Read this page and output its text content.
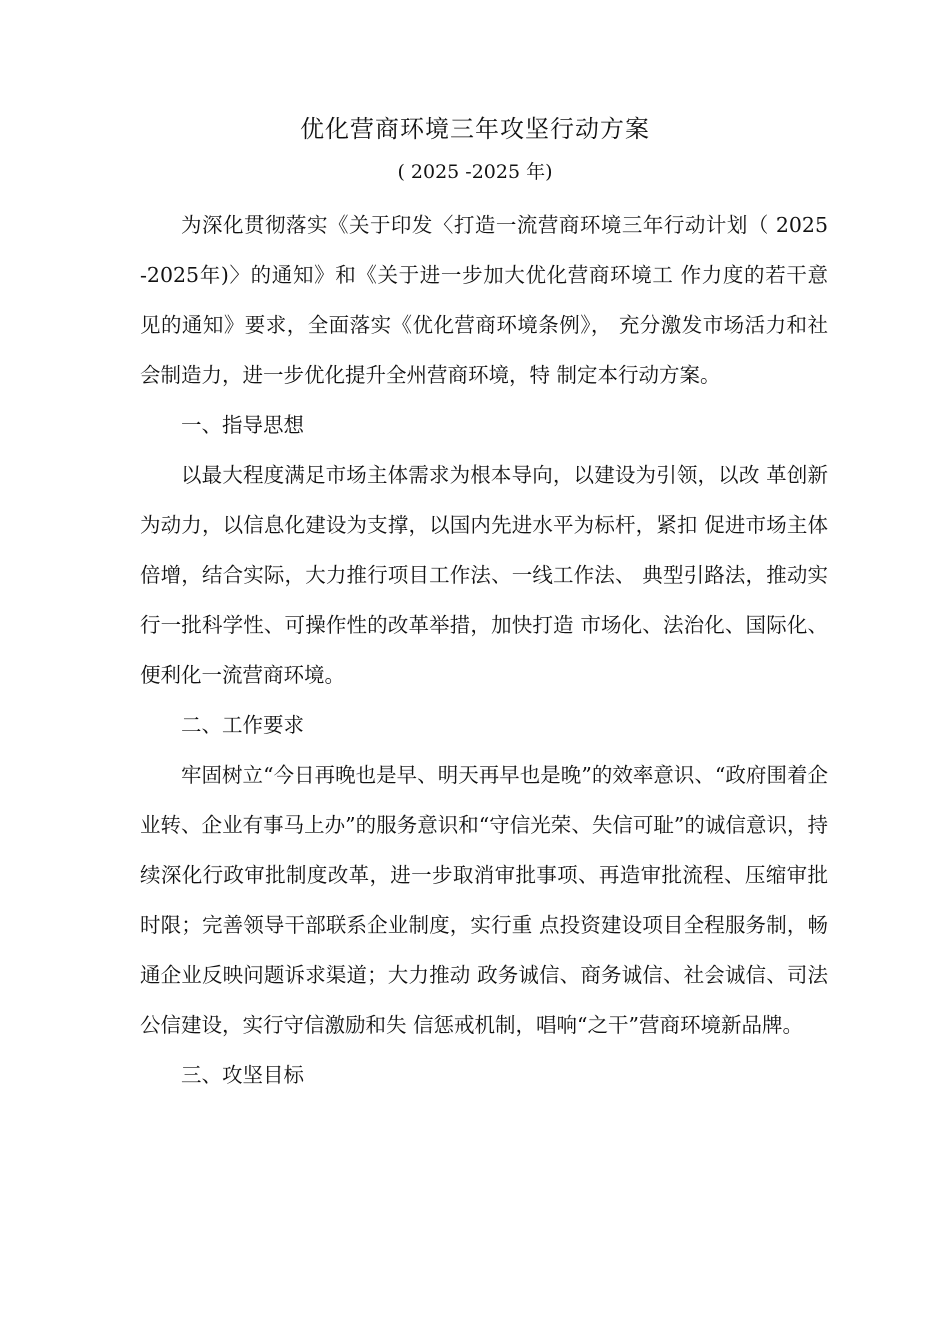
优化营商环境三年攻坚行动方案
( 2025 -2025 年)

为深化贯彻落实《关于印发〈打造一流营商环境三年行动计划（ 2025 -2025年)〉的通知》和《关于进一步加大优化营商环境工 作力度的若干意见的通知》要求，全面落实《优化营商环境条例》， 充分激发市场活力和社会制造力，进一步优化提升全州营商环境，特 制定本行动方案。

一、指导思想

以最大程度满足市场主体需求为根本导向，以建设为引领，以改 革创新为动力，以信息化建设为支撑，以国内先进水平为标杆，紧扣 促进市场主体倍增，结合实际，大力推行项目工作法、一线工作法、 典型引路法，推动实行一批科学性、可操作性的改革举措，加快打造 市场化、法治化、国际化、便利化一流营商环境。

二、工作要求

牢固树立“今日再晚也是早、明天再早也是晚”的效率意识、“政府围着企业转、企业有事马上办”的服务意识和“守信光荣、失信可耻”的诚信意识，持续深化行政审批制度改革，进一步取消审批事项、再造审批流程、压缩审批时限；完善领导干部联系企业制度，实行重 点投资建设项目全程服务制，畅通企业反映问题诉求渠道；大力推动 政务诚信、商务诚信、社会诚信、司法公信建设，实行守信激励和失 信惩戒机制，唱响“之干”营商环境新品牌。

三、攻坚目标
